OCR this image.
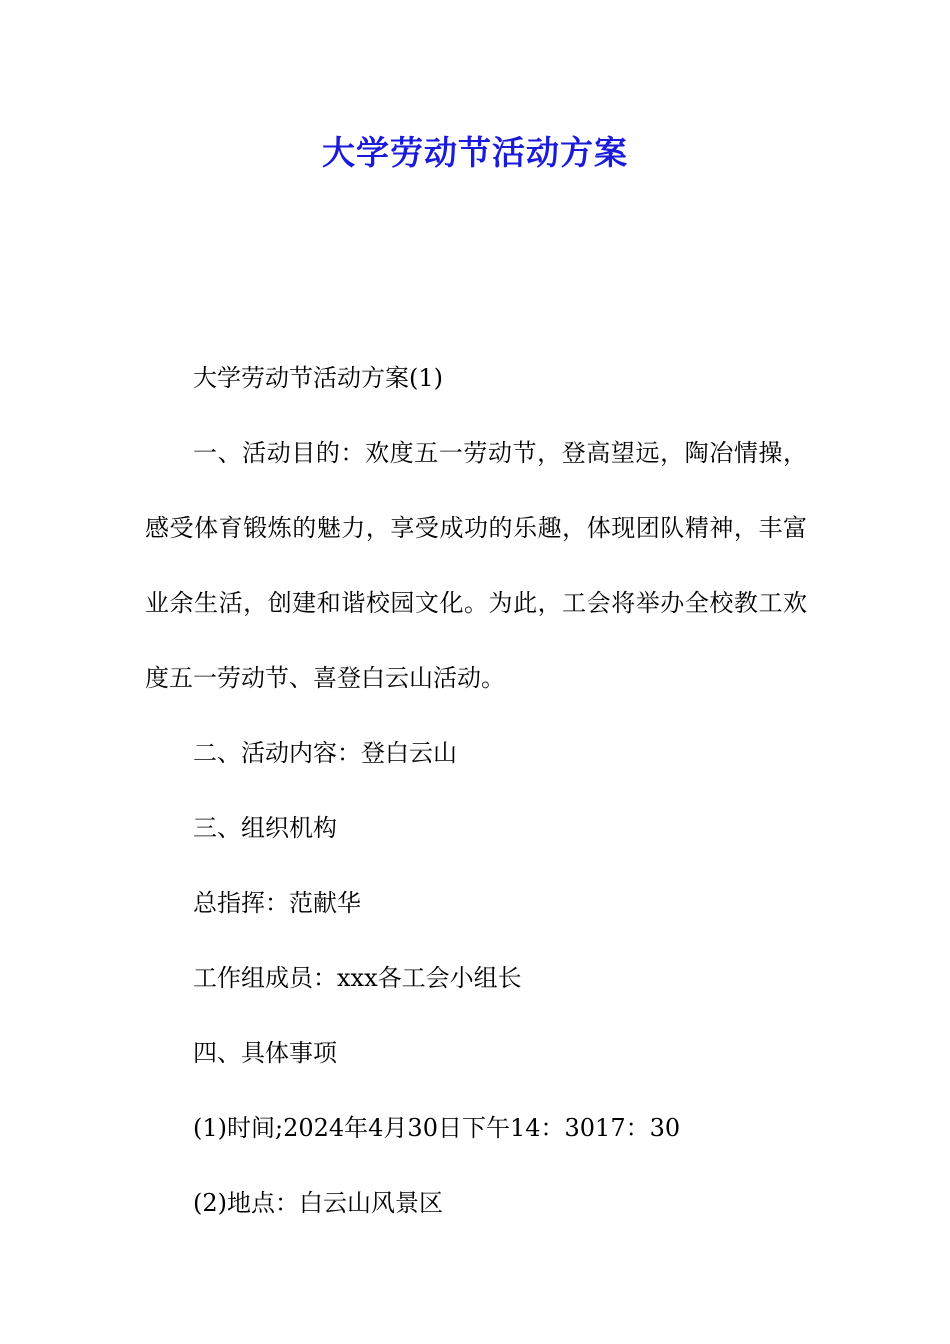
大学劳动节活动方案

大学劳动节活动方案(1)

一、活动目的：欢度五一劳动节，登高望远，陶冶情操，感受体育锻炼的魅力，享受成功的乐趣，体现团队精神，丰富业余生活，创建和谐校园文化。为此，工会将举办全校教工欢度五一劳动节、喜登白云山活动。

二、活动内容：登白云山

三、组织机构

总指挥：范献华

工作组成员：xxx各工会小组长

四、具体事项

(1)时间;2024年4月30日下午14：3017：30

(2)地点：白云山风景区
